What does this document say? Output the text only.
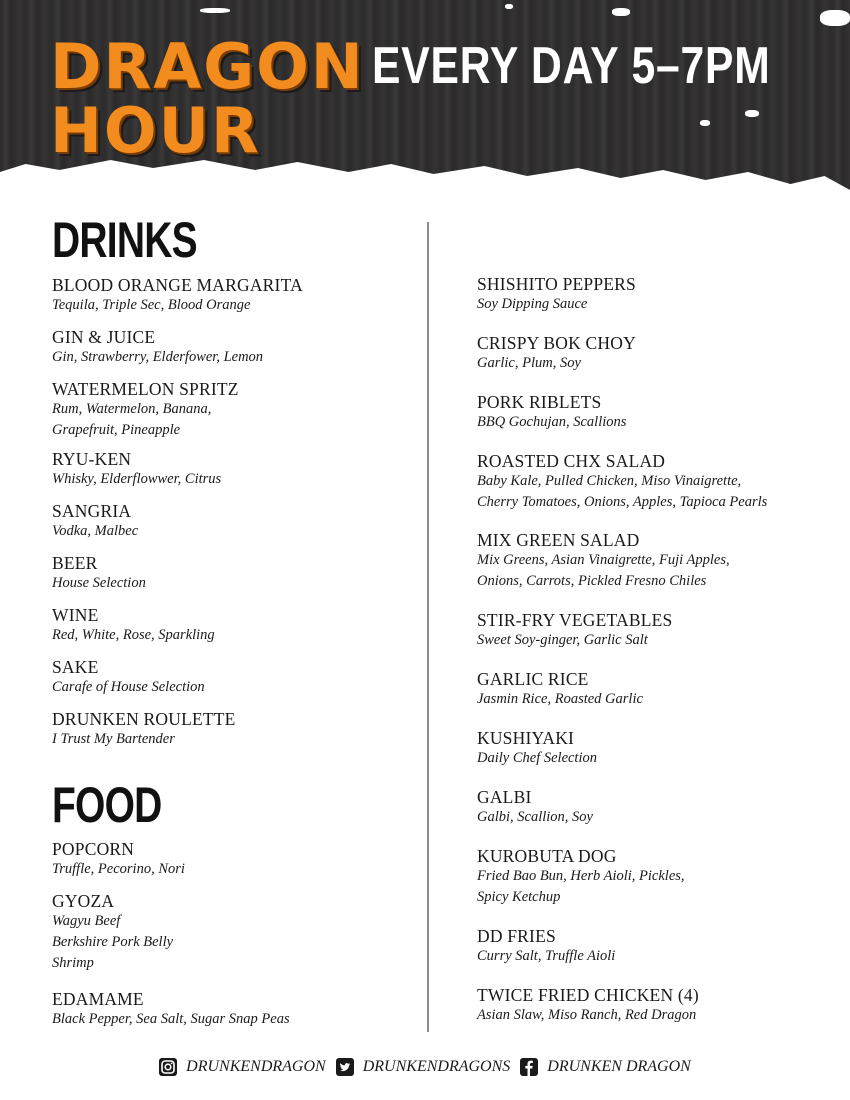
DRAGON
HOUR
EVERY DAY 5–7PM
DRINKS
BLOOD ORANGE MARGARITA
Tequila, Triple Sec, Blood Orange
GIN & JUICE
Gin, Strawberry, Elderfower, Lemon
WATERMELON SPRITZ
Rum, Watermelon, Banana,
Grapefruit, Pineapple
RYU-KEN
Whisky, Elderflowwer, Citrus
SANGRIA
Vodka, Malbec
BEER
House Selection
WINE
Red, White, Rose, Sparkling
SAKE
Carafe of House Selection
DRUNKEN ROULETTE
I Trust My Bartender
FOOD
POPCORN
Truffle, Pecorino, Nori
GYOZA
Wagyu Beef
Berkshire Pork Belly
Shrimp
EDAMAME
Black Pepper, Sea Salt, Sugar Snap Peas
SHISHITO PEPPERS
Soy Dipping Sauce
CRISPY BOK CHOY
Garlic, Plum, Soy
PORK RIBLETS
BBQ Gochujan, Scallions
ROASTED CHX SALAD
Baby Kale, Pulled Chicken, Miso Vinaigrette,
Cherry Tomatoes, Onions, Apples, Tapioca Pearls
MIX GREEN SALAD
Mix Greens, Asian Vinaigrette, Fuji Apples,
Onions, Carrots, Pickled Fresno Chiles
STIR-FRY VEGETABLES
Sweet Soy-ginger, Garlic Salt
GARLIC RICE
Jasmin Rice, Roasted Garlic
KUSHIYAKI
Daily Chef Selection
GALBI
Galbi, Scallion, Soy
KUROBUTA DOG
Fried Bao Bun, Herb Aioli, Pickles,
Spicy Ketchup
DD FRIES
Curry Salt, Truffle Aioli
TWICE FRIED CHICKEN (4)
Asian Slaw, Miso Ranch, Red Dragon
DRUNKENDRAGON DRUNKENDRAGONS DRUNKEN DRAGON
